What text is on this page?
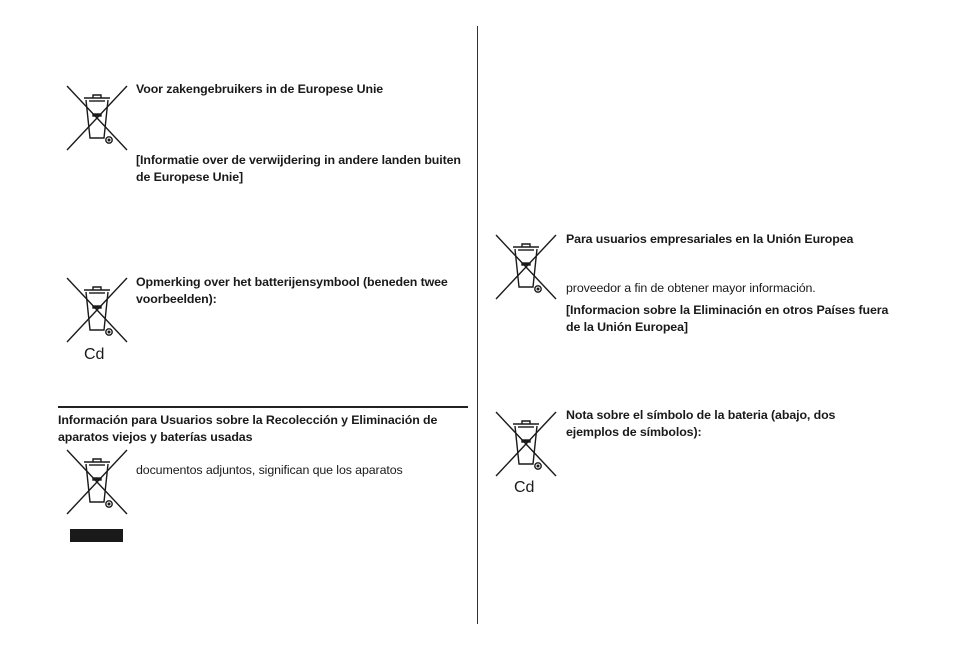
Voor zakengebruikers in de Europese Unie
[Informatie over de verwijdering in andere landen buiten de Europese Unie]
Cd
Opmerking over het batterijensymbool (beneden twee voorbeelden):
Información para Usuarios sobre la Recolección y Eliminación de aparatos viejos y baterías usadas
documentos adjuntos, significan que los aparatos
Para usuarios empresariales en la Unión Europea
proveedor a fin de obtener mayor información.
[Informacion sobre la Eliminación en otros Países fuera de la Unión Europea]
Cd
Nota sobre el símbolo de la bateria (abajo, dos ejemplos de símbolos):
